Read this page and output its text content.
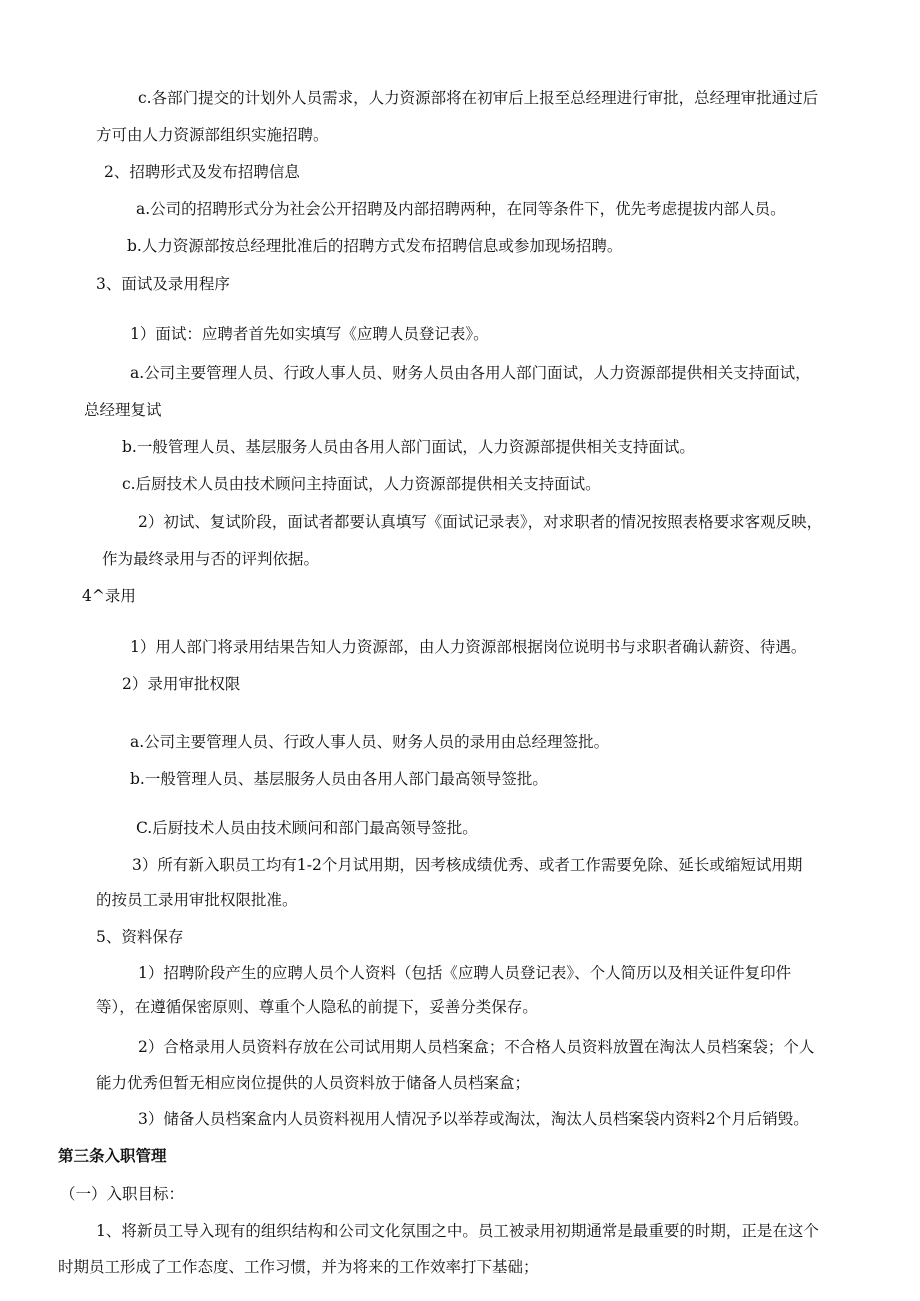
c.各部门提交的计划外人员需求，人力资源部将在初审后上报至总经理进行审批，总经理审批通过后

方可由人力资源部组织实施招聘。

2、招聘形式及发布招聘信息

a.公司的招聘形式分为社会公开招聘及内部招聘两种，在同等条件下，优先考虑提拔内部人员。

b.人力资源部按总经理批准后的招聘方式发布招聘信息或参加现场招聘。

3、面试及录用程序

1）面试：应聘者首先如实填写《应聘人员登记表》。

a.公司主要管理人员、行政人事人员、财务人员由各用人部门面试，人力资源部提供相关支持面试，

总经理复试

b.一般管理人员、基层服务人员由各用人部门面试，人力资源部提供相关支持面试。

c.后厨技术人员由技术顾问主持面试，人力资源部提供相关支持面试。

2）初试、复试阶段，面试者都要认真填写《面试记录表》，对求职者的情况按照表格要求客观反映，

作为最终录用与否的评判依据。

4^录用

1）用人部门将录用结果告知人力资源部，由人力资源部根据岗位说明书与求职者确认薪资、待遇。

2）录用审批权限

a.公司主要管理人员、行政人事人员、财务人员的录用由总经理签批。

b.一般管理人员、基层服务人员由各用人部门最高领导签批。

C.后厨技术人员由技术顾问和部门最高领导签批。

3）所有新入职员工均有1-2个月试用期，因考核成绩优秀、或者工作需要免除、延长或缩短试用期

的按员工录用审批权限批准。

5、资料保存

1）招聘阶段产生的应聘人员个人资料（包括《应聘人员登记表》、个人简历以及相关证件复印件

等），在遵循保密原则、尊重个人隐私的前提下，妥善分类保存。

2）合格录用人员资料存放在公司试用期人员档案盒；不合格人员资料放置在淘汰人员档案袋；个人

能力优秀但暂无相应岗位提供的人员资料放于储备人员档案盒；

3）储备人员档案盒内人员资料视用人情况予以举荐或淘汰，淘汰人员档案袋内资料2个月后销毁。

第三条入职管理

（一）入职目标：

1、将新员工导入现有的组织结构和公司文化氛围之中。员工被录用初期通常是最重要的时期，正是在这个

时期员工形成了工作态度、工作习惯，并为将来的工作效率打下基础；
